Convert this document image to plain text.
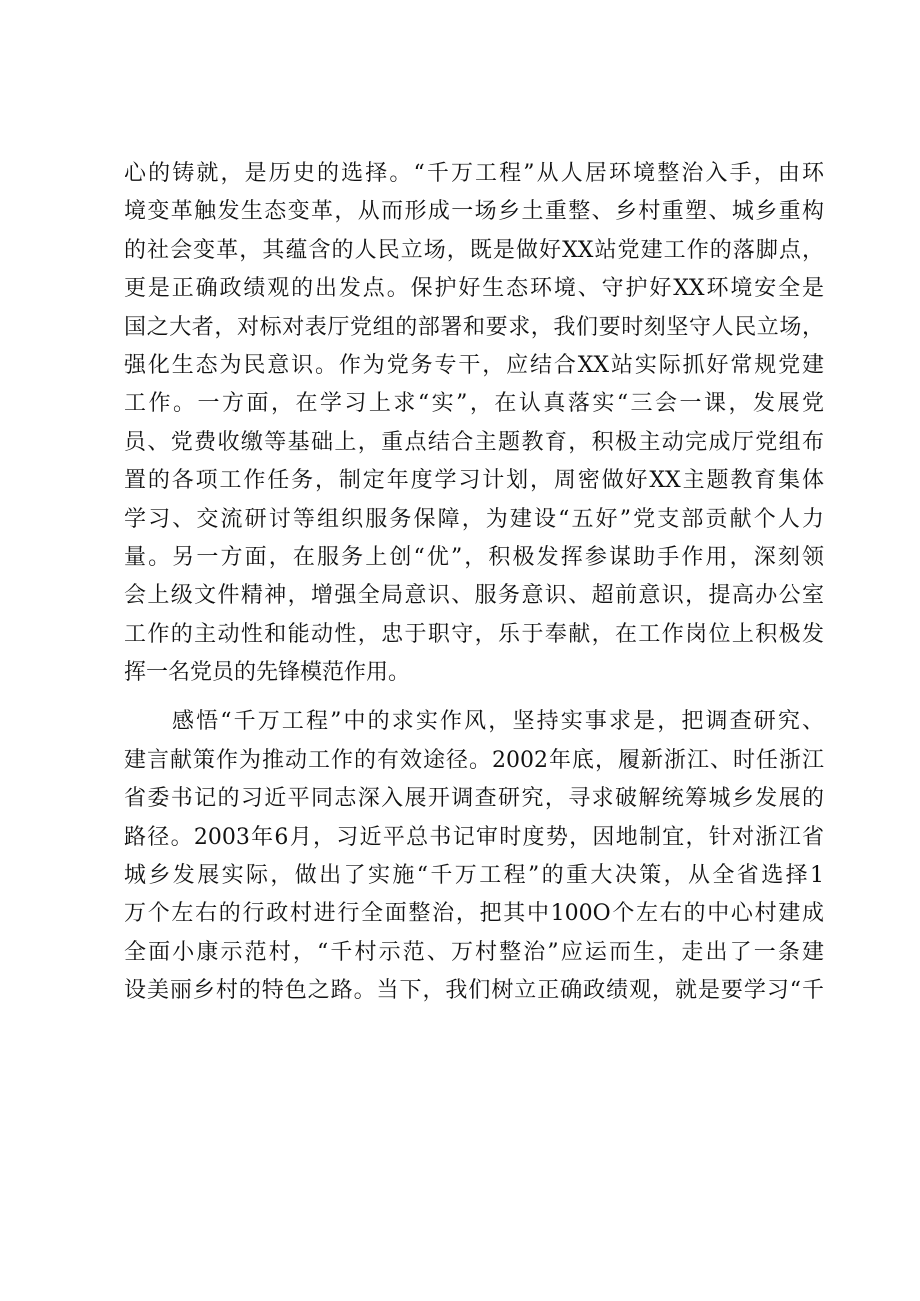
心的铸就，是历史的选择。“千万工程”从人居环境整治入手，由环
境变革触发生态变革，从而形成一场乡土重整、乡村重塑、城乡重构
的社会变革，其蕴含的人民立场，既是做好XX站党建工作的落脚点，
更是正确政绩观的出发点。保护好生态环境、守护好XX环境安全是
国之大者，对标对表厅党组的部署和要求，我们要时刻坚守人民立场，
强化生态为民意识。作为党务专干，应结合XX站实际抓好常规党建
工作。一方面，在学习上求“实”，在认真落实“三会一课，发展党
员、党费收缴等基础上，重点结合主题教育，积极主动完成厅党组布
置的各项工作任务，制定年度学习计划，周密做好XX主题教育集体
学习、交流研讨等组织服务保障，为建设“五好”党支部贡献个人力
量。另一方面，在服务上创“优”，积极发挥参谋助手作用，深刻领
会上级文件精神，增强全局意识、服务意识、超前意识，提高办公室
工作的主动性和能动性，忠于职守，乐于奉献，在工作岗位上积极发
挥一名党员的先锋模范作用。
感悟“千万工程”中的求实作风，坚持实事求是，把调查研究、
建言献策作为推动工作的有效途径。2002年底，履新浙江、时任浙江
省委书记的习近平同志深入展开调查研究，寻求破解统筹城乡发展的
路径。2003年6月，习近平总书记审时度势，因地制宜，针对浙江省
城乡发展实际，做出了实施“千万工程”的重大决策，从全省选择1
万个左右的行政村进行全面整治，把其中100O个左右的中心村建成
全面小康示范村，“千村示范、万村整治”应运而生，走出了一条建
设美丽乡村的特色之路。当下，我们树立正确政绩观，就是要学习“千
